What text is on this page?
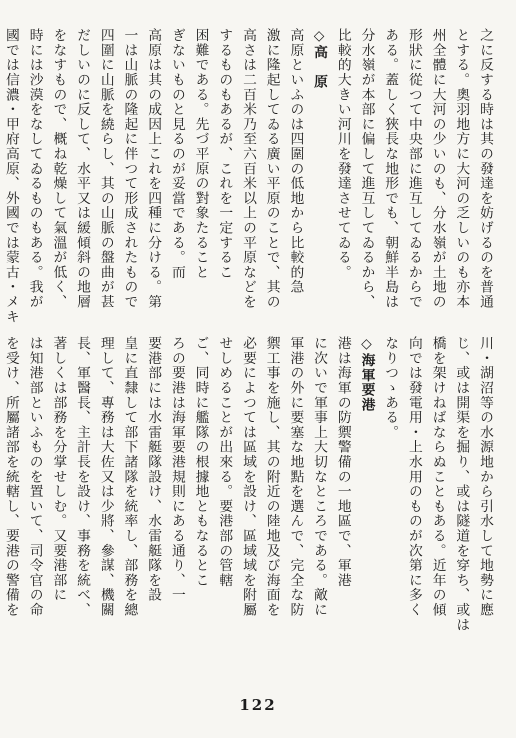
之に反する時は其の發達を妨げるのを普通
とする。奧羽地方に大河の乏しいのも亦本
州全體に大河の少いのも、分水嶺が土地の
形狀に從つて中央部に進互してゐるからで
ある。蓋しく狹長な地形でも、朝鮮半島は
分水嶺が本部に偏して進互してゐるから、
比較的大きい河川を發達させてゐる。
◇ 高　原
高原といふのは四圍の低地から比較的急
激に隆起してゐる廣い平原のことで、其の
高さは二百米乃至六百米以上の平原などを
するものもあるが、これを一定するこ
困難である。先づ平原の對象たること
ぎないものと見るのが妥當である。而
高原は其の成因上これを四種に分ける。第
一は山脈の隆起に伴つて形成されたもので
四圍に山脈を繞らし、其の山脈の盤曲が甚
だしいのに反して、水平又は緩傾斜の地層
をなすもので、概ね乾燥して氣溫が低く、
時には沙漠をなしてゐるものもある。我が
國では信濃・甲府高原、外國では蒙古・メキ
川・湖沼等の水源地から引水して地勢に應
じ、或は開渠を掘り、或は隧道を穿ち、或は
橋を架けねばならぬこともある。近年の傾
向では發電用・上水用のものが次第に多く
なりつゝある。
◇ 海軍要港
港は海軍の防禦警備の一地區で、軍港
に次いで軍事上大切なところである。敵に
軍港の外に要塞な地點を選んで、完全な防
禦工事を施し、其の附近の陸地及び海面を
必要によつては區域を設け、區域域を附屬
せしめることが出來る。要港部の管轄
ご、同時に艦隊の根據地ともなるとこ
ろの要港は海軍要港規則にある通り、一
要港部には水雷艇隊設け、水雷艇隊を設
皇に直隸して部下諸隊を統率し、部務を總
理して、專務は大佐又は少將、參謀、機關
長、軍醫長、主計長を設け、事務を統べ、
著しくは部務を分掌せしむ。又要港部に
は知港部といふものを置いて、司令官の命
を受け、所屬諸部を統轄し、要港の警備を
122
